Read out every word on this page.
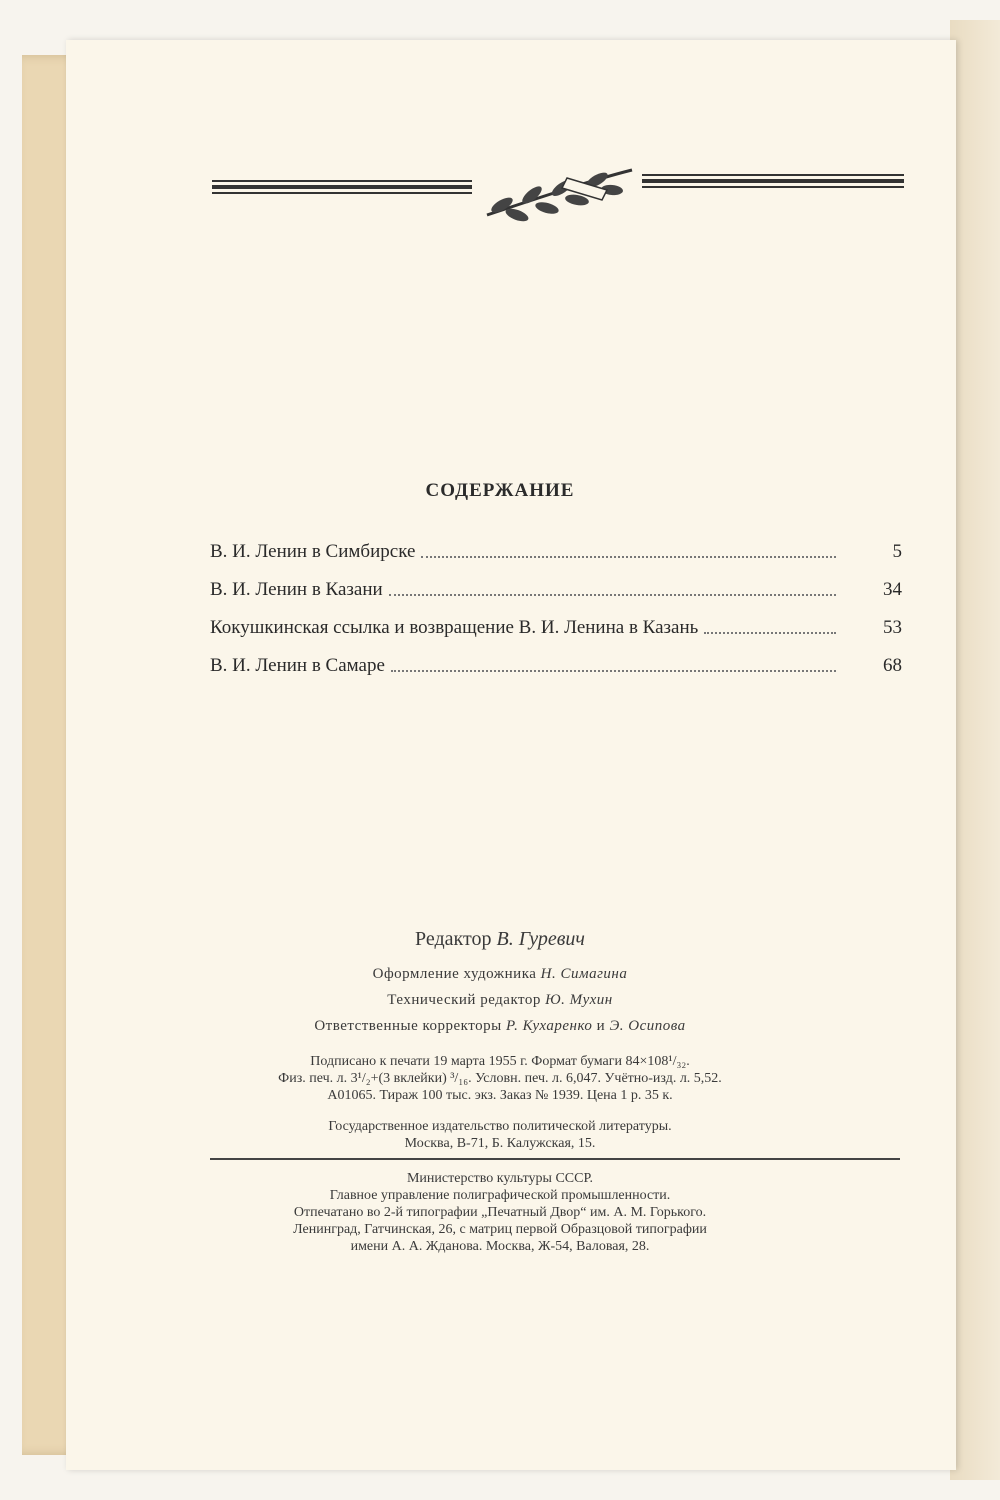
СОДЕРЖАНИЕ
В. И. Ленин в Симбирске	5
В. И. Ленин в Казани	34
Кокушкинская ссылка и возвращение В. И. Ленина в Казань	53
В. И. Ленин в Самаре	68
Редактор В. Гуревич
Оформление художника Н. Симагина
Технический редактор Ю. Мухин
Ответственные корректоры Р. Кухаренко и Э. Осипова
Подписано к печати 19 марта 1955 г. Формат бумаги 84×108¹/₃₂.
Физ. печ. л. 3¹/₂+(3 вклейки) ³/₁₆. Условн. печ. л. 6,047. Учётно-изд. л. 5,52.
А01065. Тираж 100 тыс. экз. Заказ № 1939. Цена 1 р. 35 к.
Государственное издательство политической литературы.
Москва, В-71, Б. Калужская, 15.
Министерство культуры СССР.
Главное управление полиграфической промышленности.
Отпечатано во 2-й типографии „Печатный Двор“ им. А. М. Горького.
Ленинград, Гатчинская, 26, с матриц первой Образцовой типографии
имени А. А. Жданова. Москва, Ж-54, Валовая, 28.
